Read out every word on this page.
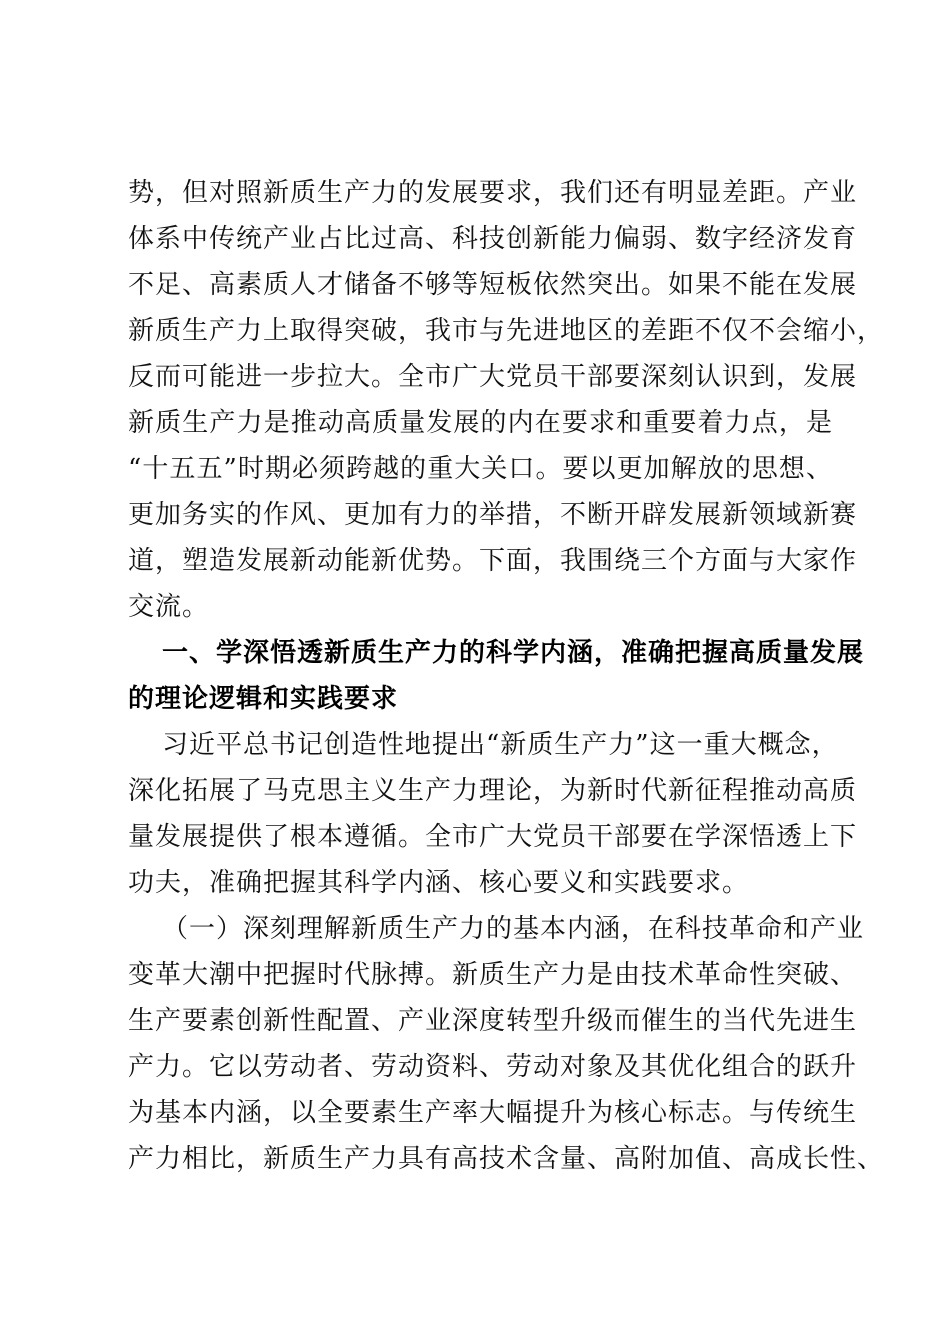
势，但对照新质生产力的发展要求，我们还有明显差距。产业
体系中传统产业占比过高、科技创新能力偏弱、数字经济发育
不足、高素质人才储备不够等短板依然突出。如果不能在发展
新质生产力上取得突破，我市与先进地区的差距不仅不会缩小，
反而可能进一步拉大。全市广大党员干部要深刻认识到，发展
新质生产力是推动高质量发展的内在要求和重要着力点，是
“十五五”时期必须跨越的重大关口。要以更加解放的思想、
更加务实的作风、更加有力的举措，不断开辟发展新领域新赛
道，塑造发展新动能新优势。下面，我围绕三个方面与大家作
交流。
一、学深悟透新质生产力的科学内涵，准确把握高质量发展
的理论逻辑和实践要求
习近平总书记创造性地提出“新质生产力”这一重大概念，
深化拓展了马克思主义生产力理论，为新时代新征程推动高质
量发展提供了根本遵循。全市广大党员干部要在学深悟透上下
功夫，准确把握其科学内涵、核心要义和实践要求。
（一）深刻理解新质生产力的基本内涵，在科技革命和产业
变革大潮中把握时代脉搏。新质生产力是由技术革命性突破、
生产要素创新性配置、产业深度转型升级而催生的当代先进生
产力。它以劳动者、劳动资料、劳动对象及其优化组合的跃升
为基本内涵，以全要素生产率大幅提升为核心标志。与传统生
产力相比，新质生产力具有高技术含量、高附加值、高成长性、
